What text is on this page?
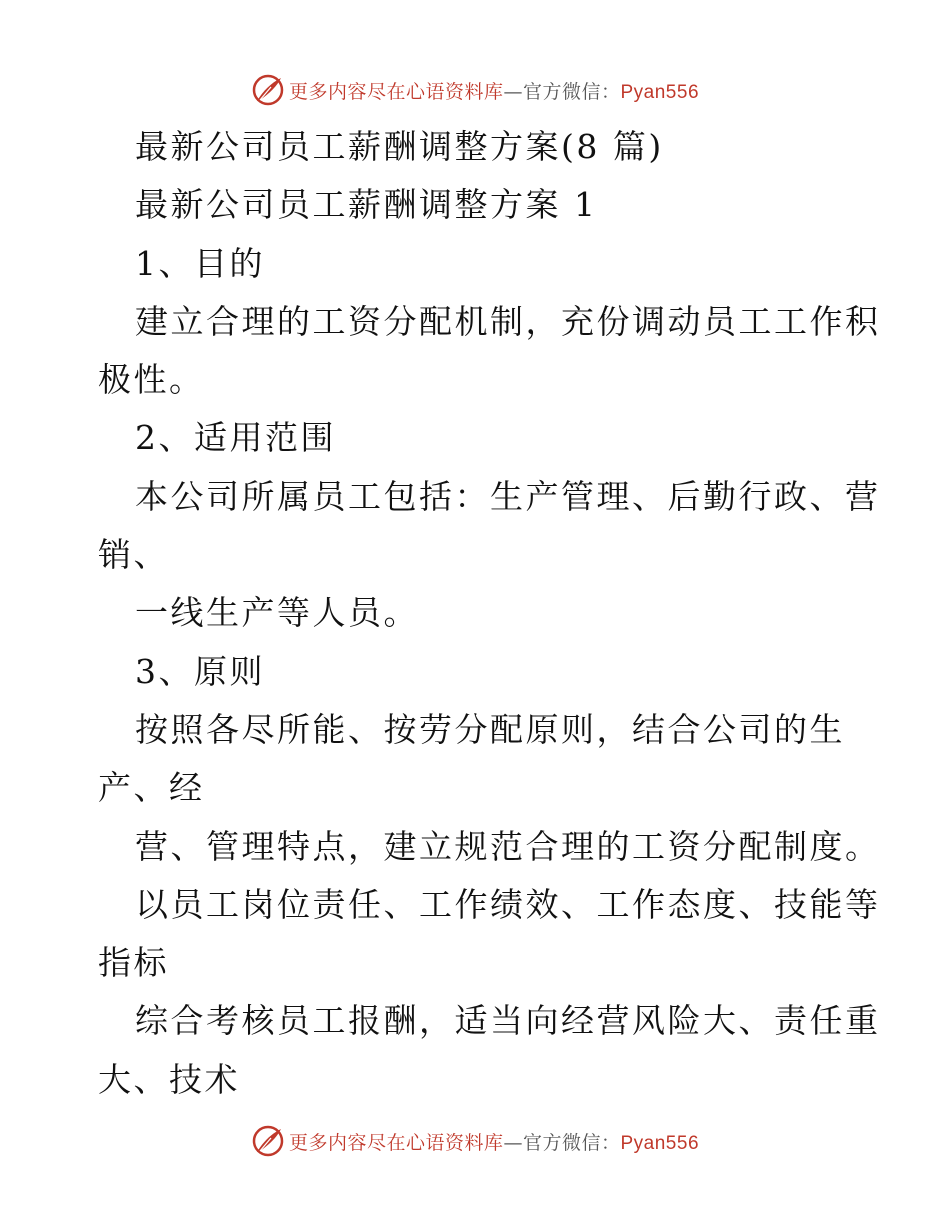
更多内容尽在心语资料库—官方微信：Pyan556
最新公司员工薪酬调整方案(8 篇)
最新公司员工薪酬调整方案 1
1、目的
建立合理的工资分配机制，充份调动员工工作积
极性。
2、适用范围
本公司所属员工包括：生产管理、后勤行政、营
销、
一线生产等人员。
3、原则
按照各尽所能、按劳分配原则，结合公司的生
产、经
营、管理特点，建立规范合理的工资分配制度。
以员工岗位责任、工作绩效、工作态度、技能等
指标
综合考核员工报酬，适当向经营风险大、责任重
大、技术
更多内容尽在心语资料库—官方微信：Pyan556
